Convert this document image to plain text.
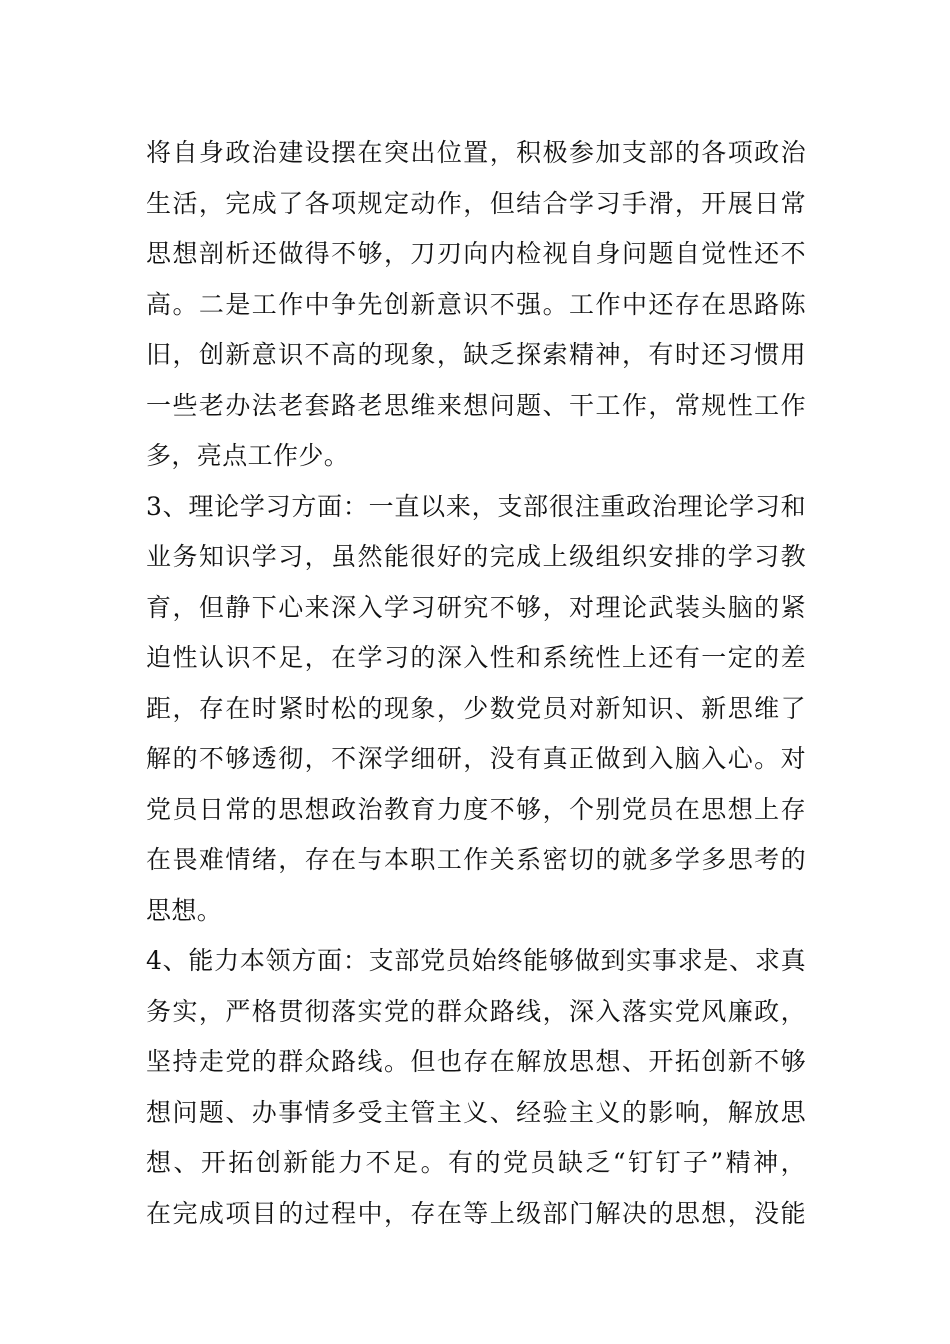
将自身政治建设摆在突出位置，积极参加支部的各项政治
生活，完成了各项规定动作，但结合学习手滑，开展日常
思想剖析还做得不够，刀刃向内检视自身问题自觉性还不
高。二是工作中争先创新意识不强。工作中还存在思路陈
旧，创新意识不高的现象，缺乏探索精神，有时还习惯用
一些老办法老套路老思维来想问题、干工作，常规性工作
多，亮点工作少。
3、理论学习方面：一直以来，支部很注重政治理论学习和
业务知识学习，虽然能很好的完成上级组织安排的学习教
育，但静下心来深入学习研究不够，对理论武装头脑的紧
迫性认识不足，在学习的深入性和系统性上还有一定的差
距，存在时紧时松的现象，少数党员对新知识、新思维了
解的不够透彻，不深学细研，没有真正做到入脑入心。对
党员日常的思想政治教育力度不够，个别党员在思想上存
在畏难情绪，存在与本职工作关系密切的就多学多思考的
思想。
4、能力本领方面：支部党员始终能够做到实事求是、求真
务实，严格贯彻落实党的群众路线，深入落实党风廉政，
坚持走党的群众路线。但也存在解放思想、开拓创新不够
想问题、办事情多受主管主义、经验主义的影响，解放思
想、开拓创新能力不足。有的党员缺乏“钉钉子”精神，
在完成项目的过程中，存在等上级部门解决的思想，没能
